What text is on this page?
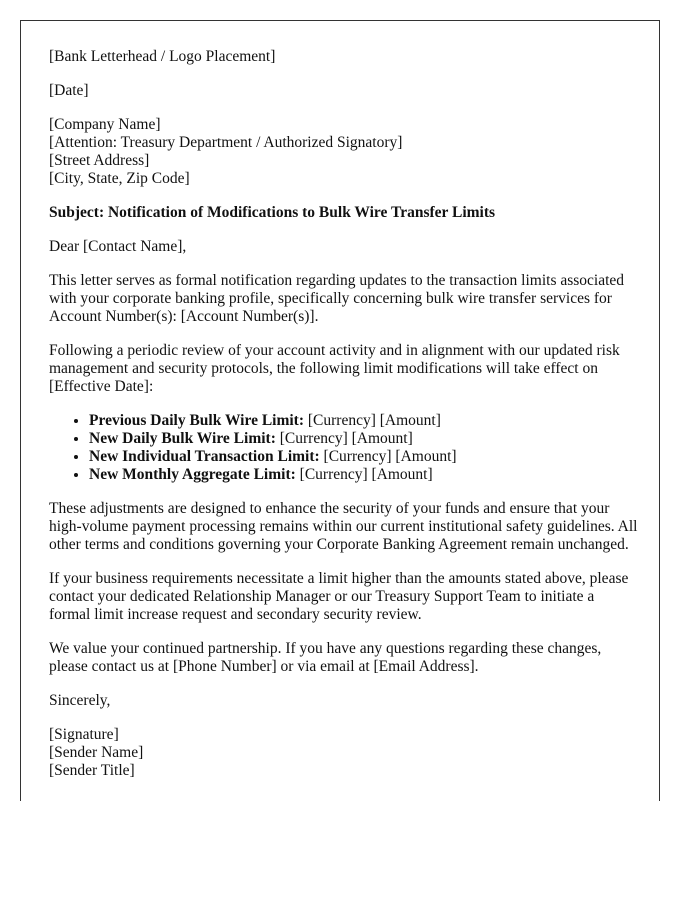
[Bank Letterhead / Logo Placement]

[Date]

[Company Name]
[Attention: Treasury Department / Authorized Signatory]
[Street Address]
[City, State, Zip Code]

Subject: Notification of Modifications to Bulk Wire Transfer Limits

Dear [Contact Name],

This letter serves as formal notification regarding updates to the transaction limits associated with your corporate banking profile, specifically concerning bulk wire transfer services for Account Number(s): [Account Number(s)].

Following a periodic review of your account activity and in alignment with our updated risk management and security protocols, the following limit modifications will take effect on [Effective Date]:

• Previous Daily Bulk Wire Limit: [Currency] [Amount]
• New Daily Bulk Wire Limit: [Currency] [Amount]
• New Individual Transaction Limit: [Currency] [Amount]
• New Monthly Aggregate Limit: [Currency] [Amount]

These adjustments are designed to enhance the security of your funds and ensure that your high-volume payment processing remains within our current institutional safety guidelines. All other terms and conditions governing your Corporate Banking Agreement remain unchanged.

If your business requirements necessitate a limit higher than the amounts stated above, please contact your dedicated Relationship Manager or our Treasury Support Team to initiate a formal limit increase request and secondary security review.

We value your continued partnership. If you have any questions regarding these changes, please contact us at [Phone Number] or via email at [Email Address].

Sincerely,

[Signature]
[Sender Name]
[Sender Title]
